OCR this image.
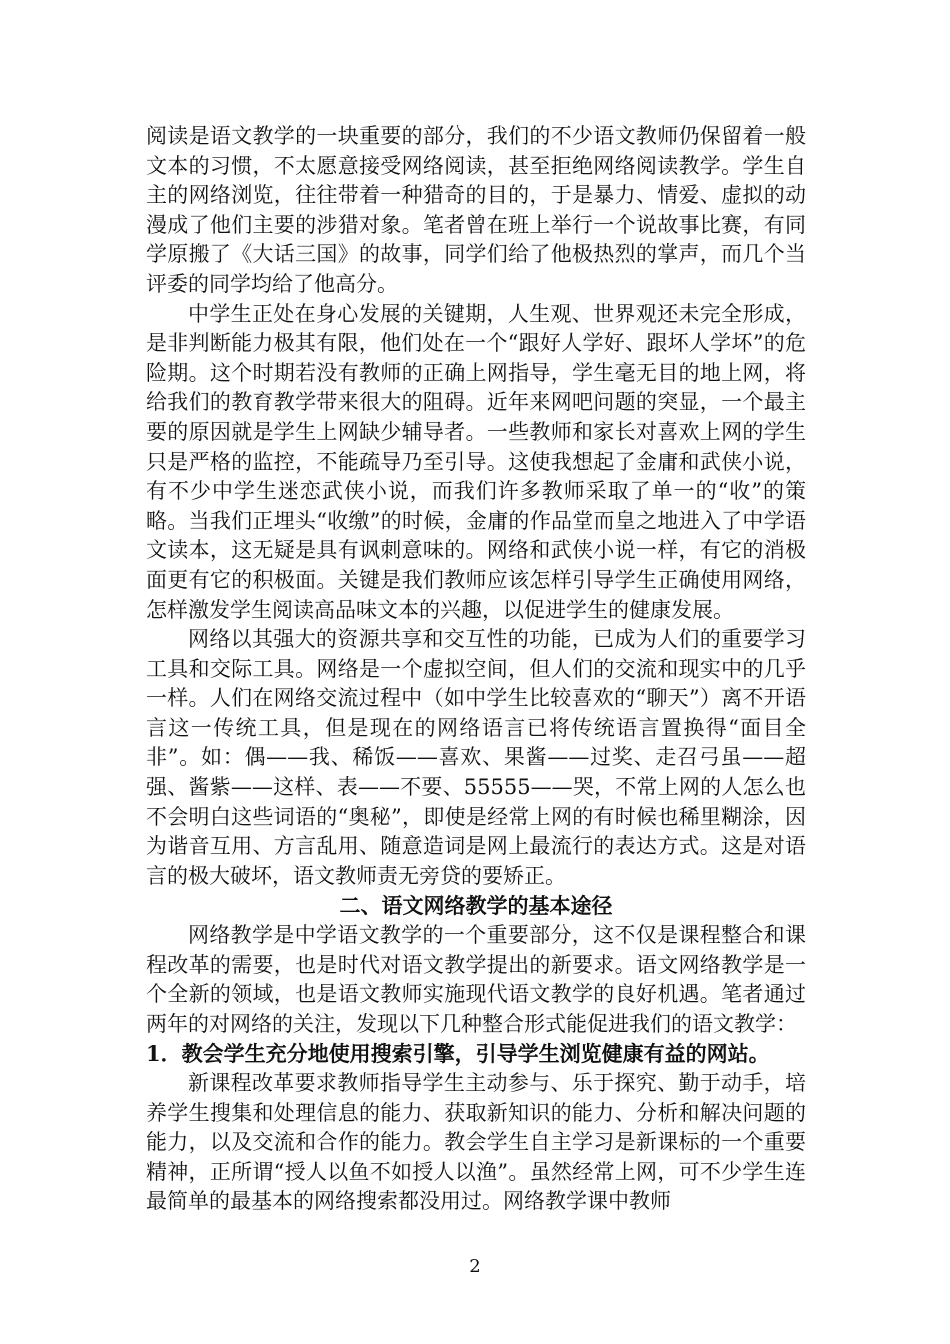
阅读是语文教学的一块重要的部分，我们的不少语文教师仍保留着一般文本的习惯，不太愿意接受网络阅读，甚至拒绝网络阅读教学。学生自主的网络浏览，往往带着一种猎奇的目的，于是暴力、情爱、虚拟的动漫成了他们主要的涉猎对象。笔者曾在班上举行一个说故事比赛，有同学原搬了《大话三国》的故事，同学们给了他极热烈的掌声，而几个当评委的同学均给了他高分。

中学生正处在身心发展的关键期，人生观、世界观还未完全形成，是非判断能力极其有限，他们处在一个“跟好人学好、跟坏人学坏”的危险期。这个时期若没有教师的正确上网指导，学生毫无目的地上网，将给我们的教育教学带来很大的阻碍。近年来网吧问题的突显，一个最主要的原因就是学生上网缺少辅导者。一些教师和家长对喜欢上网的学生只是严格的监控，不能疏导乃至引导。这使我想起了金庸和武侠小说，有不少中学生迷恋武侠小说，而我们许多教师采取了单一的“收”的策略。当我们正埋头“收缴”的时候，金庸的作品堂而皇之地进入了中学语文读本，这无疑是具有讽刺意味的。网络和武侠小说一样，有它的消极面更有它的积极面。关键是我们教师应该怎样引导学生正确使用网络，怎样激发学生阅读高品味文本的兴趣，以促进学生的健康发展。

网络以其强大的资源共享和交互性的功能，已成为人们的重要学习工具和交际工具。网络是一个虚拟空间，但人们的交流和现实中的几乎一样。人们在网络交流过程中（如中学生比较喜欢的“聊天”）离不开语言这一传统工具，但是现在的网络语言已将传统语言置换得“面目全非”。如：偶——我、稀饭——喜欢、果酱——过奖、走召弓虽——超强、酱紫——这样、表——不要、55555——哭，不常上网的人怎么也不会明白这些词语的“奥秘”，即使是经常上网的有时候也稀里糊涂，因为谐音互用、方言乱用、随意造词是网上最流行的表达方式。这是对语言的极大破坏，语文教师责无旁贷的要矫正。

二、语文网络教学的基本途径

网络教学是中学语文教学的一个重要部分，这不仅是课程整合和课程改革的需要，也是时代对语文教学提出的新要求。语文网络教学是一个全新的领域，也是语文教师实施现代语文教学的良好机遇。笔者通过两年的对网络的关注，发现以下几种整合形式能促进我们的语文教学：

1．教会学生充分地使用搜索引擎，引导学生浏览健康有益的网站。

新课程改革要求教师指导学生主动参与、乐于探究、勤于动手，培养学生搜集和处理信息的能力、获取新知识的能力、分析和解决问题的能力，以及交流和合作的能力。教会学生自主学习是新课标的一个重要精神，正所谓“授人以鱼不如授人以渔”。虽然经常上网，可不少学生连最简单的最基本的网络搜索都没用过。网络教学课中教师

2
